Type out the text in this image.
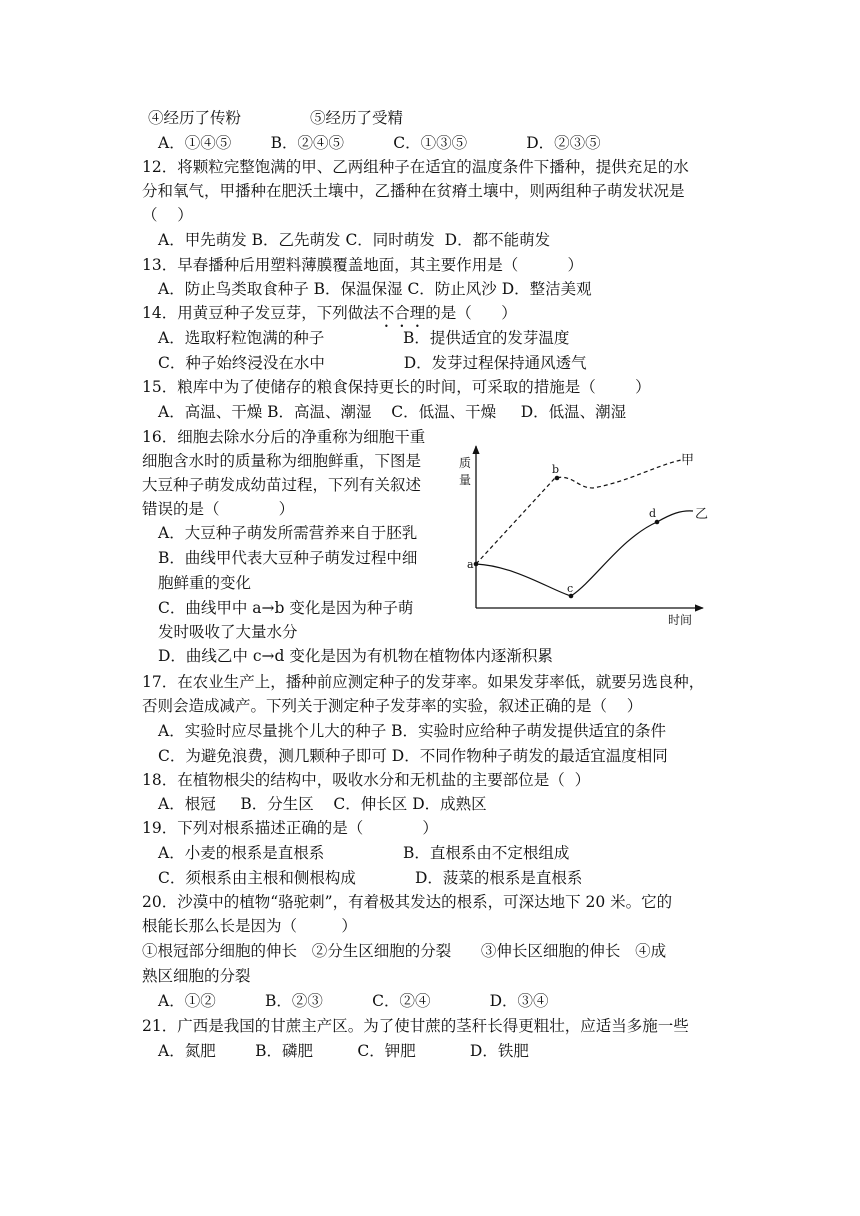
④经历了传粉              ⑤经历了受精
A．①④⑤        B．②④⑤          C．①③⑤            D．②③⑤
12．将颗粒完整饱满的甲、乙两组种子在适宜的温度条件下播种，提供充足的水
分和氧气，甲播种在肥沃土壤中，乙播种在贫瘠土壤中，则两组种子萌发状况是
（    ）
A．甲先萌发 B．乙先萌发 C．同时萌发  D．都不能萌发
13．早春播种后用塑料薄膜覆盖地面，其主要作用是（          ）
A．防止鸟类取食种子 B．保温保湿 C．防止风沙 D．整洁美观
14．用黄豆种子发豆芽，下列做法不合理的是（      ）
A．选取籽粒饱满的种子                B．提供适宜的发芽温度
C．种子始终浸没在水中                D．发芽过程保持通风透气
15．粮库中为了使储存的粮食保持更长的时间，可采取的措施是（        ）
A．高温、干燥 B．高温、潮湿    C．低温、干燥     D．低温、潮湿
16．细胞去除水分后的净重称为细胞干重
细胞含水时的质量称为细胞鲜重，下图是
大豆种子萌发成幼苗过程，下列有关叙述
错误的是（            ）
A．大豆种子萌发所需营养来自于胚乳
B．曲线甲代表大豆种子萌发过程中细
胞鲜重的变化
C．曲线甲中 a→b 变化是因为种子萌
发时吸收了大量水分
D．曲线乙中 c→d 变化是因为有机物在植物体内逐渐积累
17．在农业生产上，播种前应测定种子的发芽率。如果发芽率低，就要另选良种，
否则会造成减产。下列关于测定种子发芽率的实验，叙述正确的是（    ）
A．实验时应尽量挑个儿大的种子 B．实验时应给种子萌发提供适宜的条件
C．为避免浪费，测几颗种子即可 D．不同作物种子萌发的最适宜温度相同
18．在植物根尖的结构中，吸收水分和无机盐的主要部位是（  ）
A．根冠     B．分生区    C．伸长区 D．成熟区
19．下列对根系描述正确的是（            ）
A．小麦的根系是直根系                B．直根系由不定根组成
C．须根系由主根和侧根构成            D．菠菜的根系是直根系
20．沙漠中的植物“骆驼刺”，有着极其发达的根系，可深达地下 20 米。它的
根能长那么长是因为（         ）
①根冠部分细胞的伸长   ②分生区细胞的分裂      ③伸长区细胞的伸长   ④成
熟区细胞的分裂
A．①②          B．②③          C．②④            D．③④
21．广西是我国的甘蔗主产区。为了使甘蔗的茎秆长得更粗壮，应适当多施一些
A．氮肥        B．磷肥         C．钾肥           D．铁肥
质
量
时间
a
b
c
d
甲
乙
